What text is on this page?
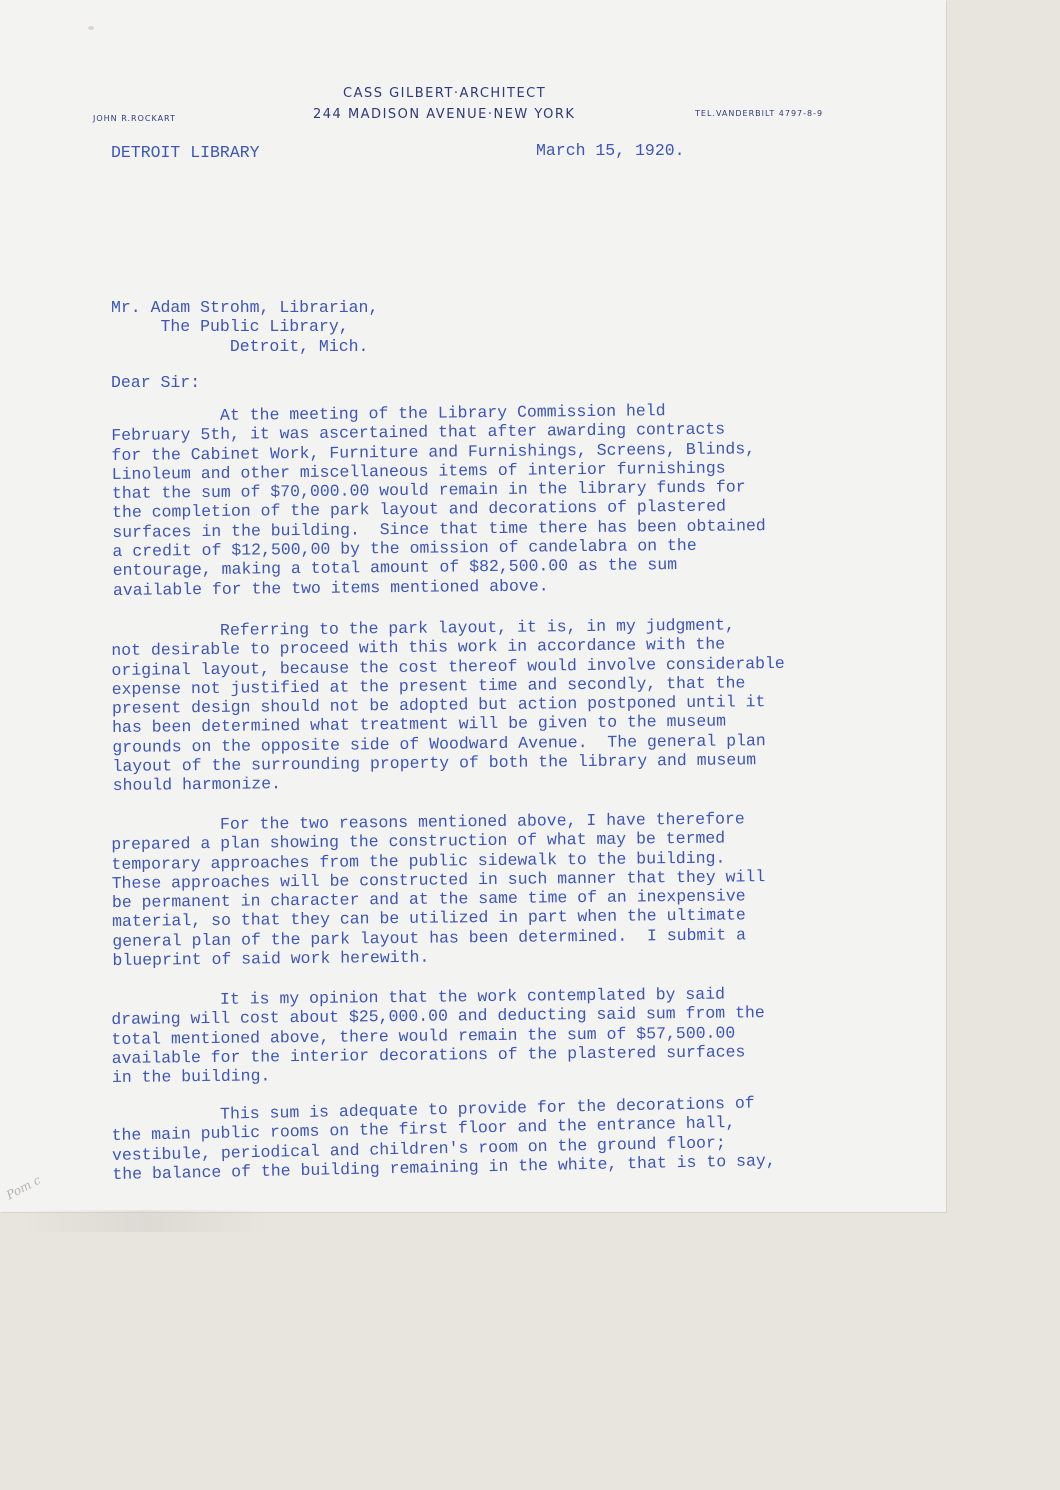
CASS GILBERT·ARCHITECT
244 MADISON AVENUE·NEW YORK
JOHN R.ROCKART
TEL.VANDERBILT 4797-8-9
DETROIT LIBRARY	March 15, 1920.
Mr. Adam Strohm, Librarian,
The Public Library,
Detroit, Mich.
Dear Sir:
At the meeting of the Library Commission held
February 5th, it was ascertained that after awarding contracts
for the Cabinet Work, Furniture and Furnishings, Screens, Blinds,
Linoleum and other miscellaneous items of interior furnishings
that the sum of $70,000.00 would remain in the library funds for
the completion of the park layout and decorations of plastered
surfaces in the building.  Since that time there has been obtained
a credit of $12,500,00 by the omission of candelabra on the
entourage, making a total amount of $82,500.00 as the sum
available for the two items mentioned above.
Referring to the park layout, it is, in my judgment,
not desirable to proceed with this work in accordance with the
original layout, because the cost thereof would involve considerable
expense not justified at the present time and secondly, that the
present design should not be adopted but action postponed until it
has been determined what treatment will be given to the museum
grounds on the opposite side of Woodward Avenue.  The general plan
layout of the surrounding property of both the library and museum
should harmonize.
For the two reasons mentioned above, I have therefore
prepared a plan showing the construction of what may be termed
temporary approaches from the public sidewalk to the building.
These approaches will be constructed in such manner that they will
be permanent in character and at the same time of an inexpensive
material, so that they can be utilized in part when the ultimate
general plan of the park layout has been determined.  I submit a
blueprint of said work herewith.
It is my opinion that the work contemplated by said
drawing will cost about $25,000.00 and deducting said sum from the
total mentioned above, there would remain the sum of $57,500.00
available for the interior decorations of the plastered surfaces
in the building.
This sum is adequate to provide for the decorations of
the main public rooms on the first floor and the entrance hall,
vestibule, periodical and children's room on the ground floor;
the balance of the building remaining in the white, that is to say,
Pom c
